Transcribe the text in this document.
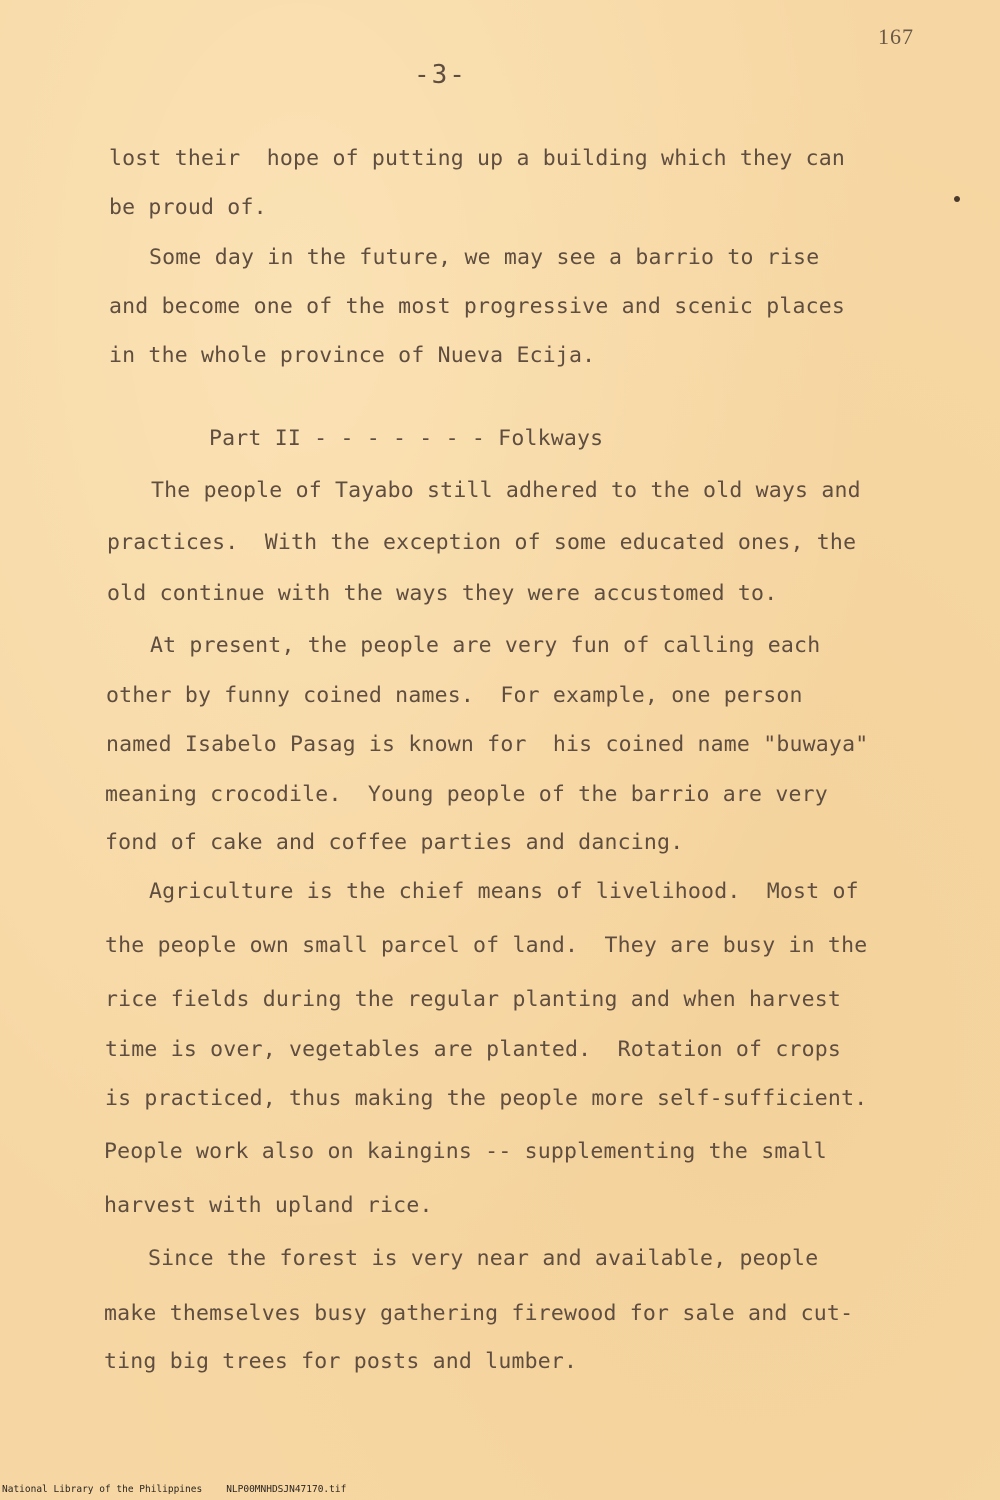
167
-3-
lost their  hope of putting up a building which they can
be proud of.
Some day in the future, we may see a barrio to rise
and become one of the most progressive and scenic places
in the whole province of Nueva Ecija.
Part II - - - - - - - Folkways
The people of Tayabo still adhered to the old ways and
practices.  With the exception of some educated ones, the
old continue with the ways they were accustomed to.
At present, the people are very fun of calling each
other by funny coined names.  For example, one person
named Isabelo Pasag is known for  his coined name "buwaya"
meaning crocodile.  Young people of the barrio are very
fond of cake and coffee parties and dancing.
Agriculture is the chief means of livelihood.  Most of
the people own small parcel of land.  They are busy in the
rice fields during the regular planting and when harvest
time is over, vegetables are planted.  Rotation of crops
is practiced, thus making the people more self-sufficient.
People work also on kaingins -- supplementing the small
harvest with upland rice.
Since the forest is very near and available, people
make themselves busy gathering firewood for sale and cut-
ting big trees for posts and lumber.
National Library of the Philippines	NLP00MNHDSJN47170.tif
